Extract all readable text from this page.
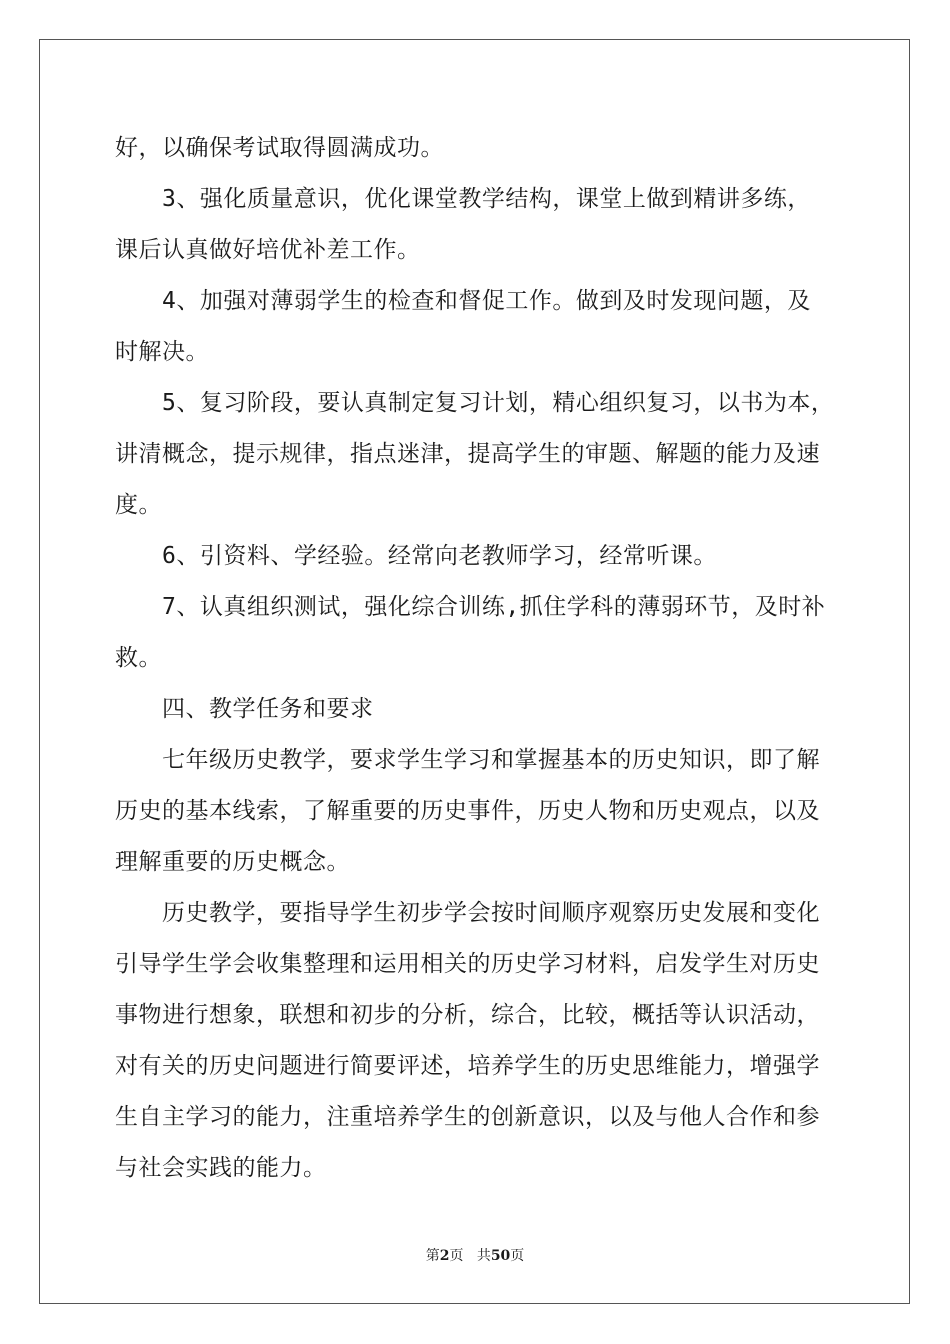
好，以确保考试取得圆满成功。
3、强化质量意识，优化课堂教学结构，课堂上做到精讲多练，
课后认真做好培优补差工作。
4、加强对薄弱学生的检查和督促工作。做到及时发现问题，及
时解决。
5、复习阶段，要认真制定复习计划，精心组织复习，以书为本，
讲清概念，提示规律，指点迷津，提高学生的审题、解题的能力及速
度。
6、引资料、学经验。经常向老教师学习，经常听课。
7、认真组织测试，强化综合训练,抓住学科的薄弱环节，及时补
救。
四、教学任务和要求
七年级历史教学，要求学生学习和掌握基本的历史知识，即了解
历史的基本线索，了解重要的历史事件，历史人物和历史观点，以及
理解重要的历史概念。
历史教学，要指导学生初步学会按时间顺序观察历史发展和变化
引导学生学会收集整理和运用相关的历史学习材料，启发学生对历史
事物进行想象，联想和初步的分析，综合，比较，概括等认识活动，
对有关的历史问题进行简要评述，培养学生的历史思维能力，增强学
生自主学习的能力，注重培养学生的创新意识，以及与他人合作和参
与社会实践的能力。
第2页 共50页
